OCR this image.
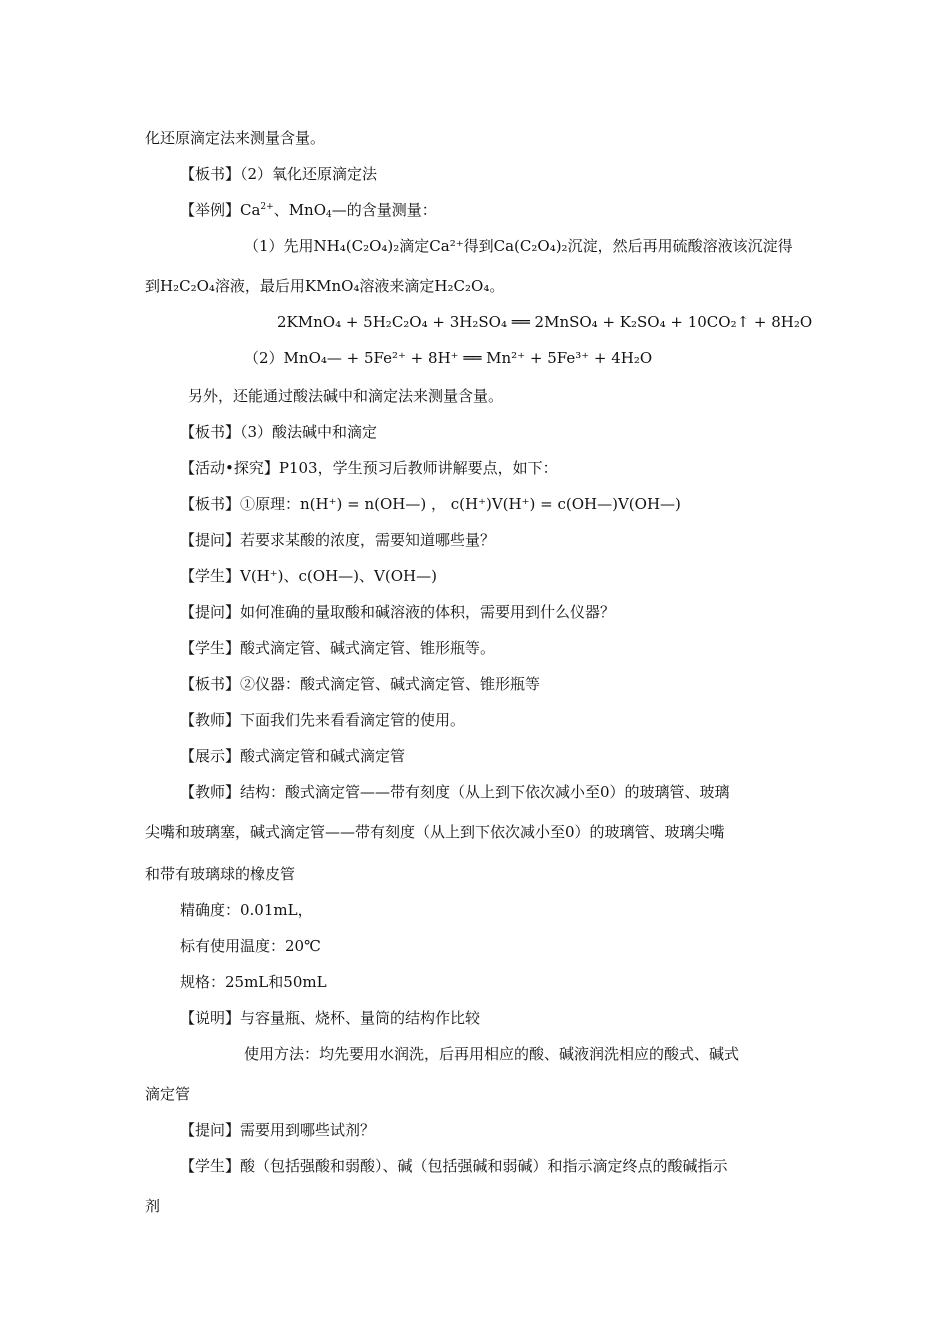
化还原滴定法来测量含量。
【板书】（2）氧化还原滴定法
【举例】$Ca^{2+}$、MnO$_4$—的含量测量：
（1）先用NH₄(C₂O₄)₂滴定Ca²⁺得到Ca(C₂O₄)₂沉淀，然后再用硫酸溶液该沉淀得
到H₂C₂O₄溶液，最后用KMnO₄溶液来滴定H₂C₂O₄。
2KMnO₄ + 5H₂C₂O₄ + 3H₂SO₄ ══ 2MnSO₄ + K₂SO₄ + 10CO₂↑ + 8H₂O
（2）MnO₄— + 5Fe²⁺ + 8H⁺ ══ Mn²⁺ + 5Fe³⁺ + 4H₂O
另外，还能通过酸法碱中和滴定法来测量含量。
【板书】（3）酸法碱中和滴定
【活动•探究】P103，学生预习后教师讲解要点，如下：
【板书】①原理：n(H⁺) = n(OH—) ， c(H⁺)V(H⁺) = c(OH—)V(OH—)
【提问】若要求某酸的浓度，需要知道哪些量？
【学生】V(H⁺)、c(OH—)、V(OH—)
【提问】如何准确的量取酸和碱溶液的体积，需要用到什么仪器？
【学生】酸式滴定管、碱式滴定管、锥形瓶等。
【板书】②仪器：酸式滴定管、碱式滴定管、锥形瓶等
【教师】下面我们先来看看滴定管的使用。
【展示】酸式滴定管和碱式滴定管
【教师】结构：酸式滴定管——带有刻度（从上到下依次减小至0）的玻璃管、玻璃
尖嘴和玻璃塞，碱式滴定管——带有刻度（从上到下依次减小至0）的玻璃管、玻璃尖嘴
和带有玻璃球的橡皮管
精确度：0.01mL，
标有使用温度：20℃
规格：25mL和50mL
【说明】与容量瓶、烧杯、量筒的结构作比较
使用方法：均先要用水润洗，后再用相应的酸、碱液润洗相应的酸式、碱式
滴定管
【提问】需要用到哪些试剂？
【学生】酸（包括强酸和弱酸）、碱（包括强碱和弱碱）和指示滴定终点的酸碱指示
剂
